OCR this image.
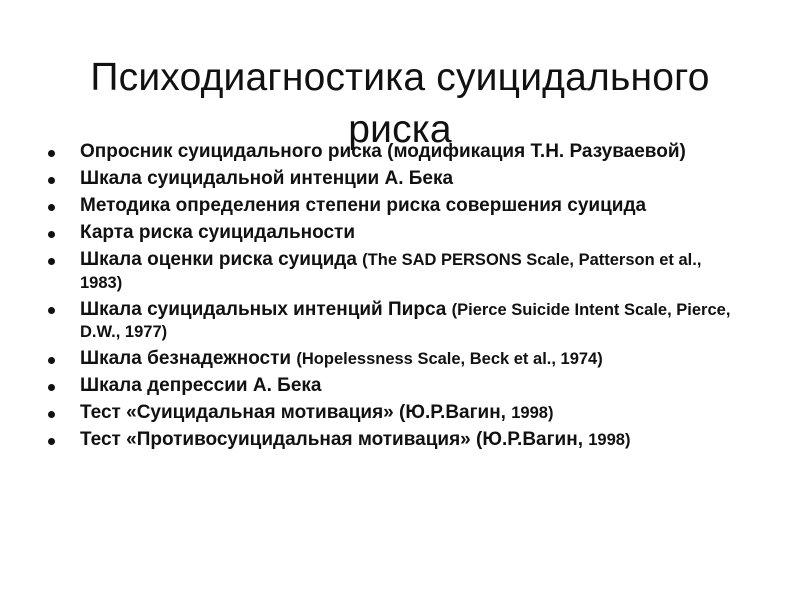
Психодиагностика суицидального риска
Опросник суицидального риска (модификация Т.Н. Разуваевой)
Шкала суицидальной интенции А. Бека
Методика определения степени риска совершения суицида
Карта риска суицидальности
Шкала оценки риска суицида (The SAD PERSONS Scale, Patterson et al., 1983)
Шкала суицидальных интенций Пирса (Pierce Suicide Intent Scale, Pierce, D.W., 1977)
Шкала безнадежности (Hopelessness Scale, Beck et al., 1974)
Шкала депрессии А. Бека
Тест «Суицидальная мотивация» (Ю.Р.Вагин, 1998)
Тест «Противосуицидальная мотивация» (Ю.Р.Вагин, 1998)
